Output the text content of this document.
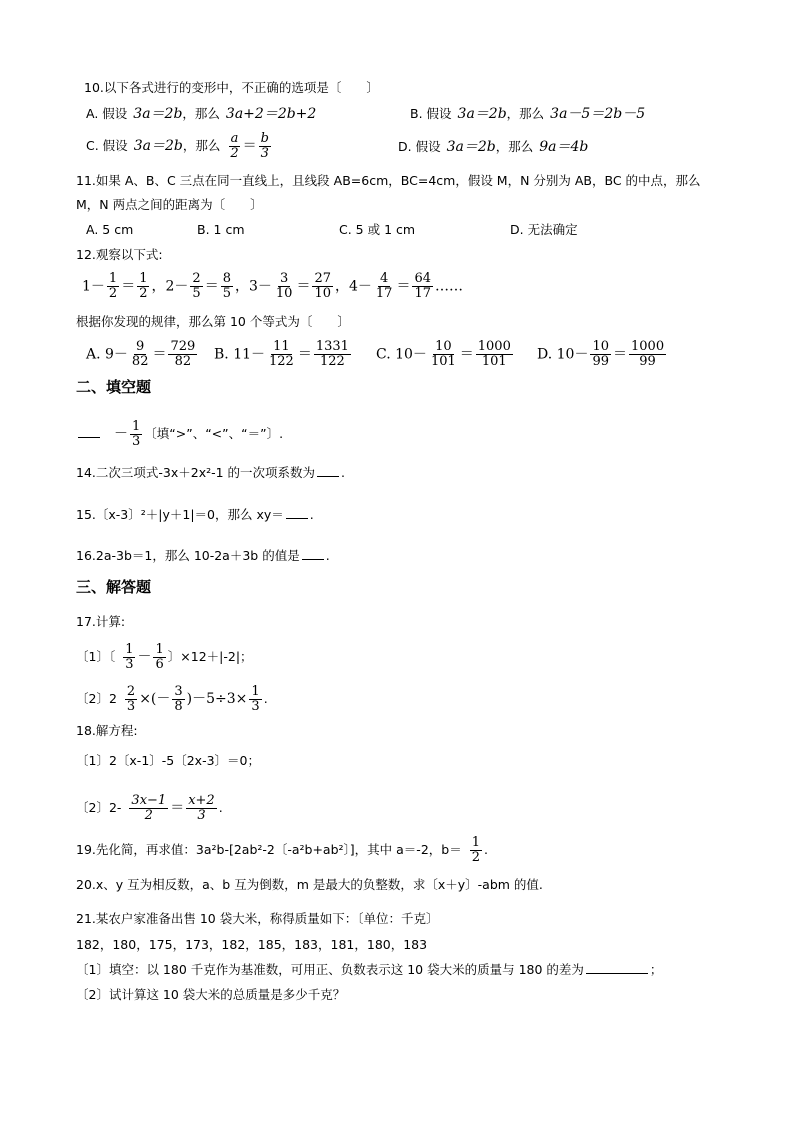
10.以下各式进行的变形中，不正确的选项是〔　　〕
A. 假设 3a＝2b，那么 3a+2＝2b+2	B. 假设 3a＝2b，那么 3a－5＝2b－5
C. 假设 3a＝2b，那么 $\frac{a}{2} = \frac{b}{3}$	D. 假设 3a＝2b，那么 9a＝4b
11.如果 A、B、C 三点在同一直线上，且线段 AB=6cm，BC=4cm，假设 M，N 分别为 AB，BC 的中点，那么
M，N 两点之间的距离为〔　　〕
A. 5 cm	B. 1 cm	C. 5 或 1 cm	D. 无法确定
12.观察以下式:
$1- \frac{1}{2} = \frac{1}{2}$ ，$2- \frac{2}{5} = \frac{8}{5}$ ，$3- \frac{3}{10} = \frac{27}{10}$ ，$4- \frac{4}{17} = \frac{64}{17}$ ……
根据你发现的规律，那么第 10 个等式为〔　　〕
A. $9- \frac{9}{82} = \frac{729}{82} B$. $11- \frac{11}{122} = \frac{1331}{122} C$. $10- \frac{10}{101} = \frac{1000}{101} D$. $10- \frac{10}{99} = \frac{1000}{99}$
二、填空题
－ $\frac{1}{3}$ 〔填“>”、“<”、“＝”〕.
14.二次三项式-3x＋2x²-1 的一次项系数为 .
15.〔x-3〕²＋|y＋1|＝0，那么 xy＝ .
16.2a-3b＝1，那么 10-2a＋3b 的值是 .
三、解答题
17.计算:
〔1〕〔 $\frac{1}{3} - \frac{1}{6}$ 〕×12＋|-2|；
〔2〕$2 \frac{2}{3}$ ×(－ $\frac{3}{8} )-5\div 3\times \frac{1}{3}$ .
18.解方程:
〔1〕2〔x-1〕-5〔2x-3〕＝0；
〔2〕$2- \frac{3x-1}{2} = \frac{x+2}{3}$ .
19.先化简，再求值：3a²b-[2ab²-2〔-a²b+ab²〕]，其中 a＝-2，$b= \frac{1}{2}$ .
20.x、y 互为相反数，a、b 互为倒数，m 是最大的负整数，求〔x＋y〕-abm 的值.
21.某农户家准备出售 10 袋大米，称得质量如下：〔单位：千克〕
182，180，175，173，182，185，183，181，180，183
〔1〕填空：以 180 千克作为基准数，可用正、负数表示这 10 袋大米的质量与 180 的差为	；
〔2〕试计算这 10 袋大米的总质量是多少千克？
